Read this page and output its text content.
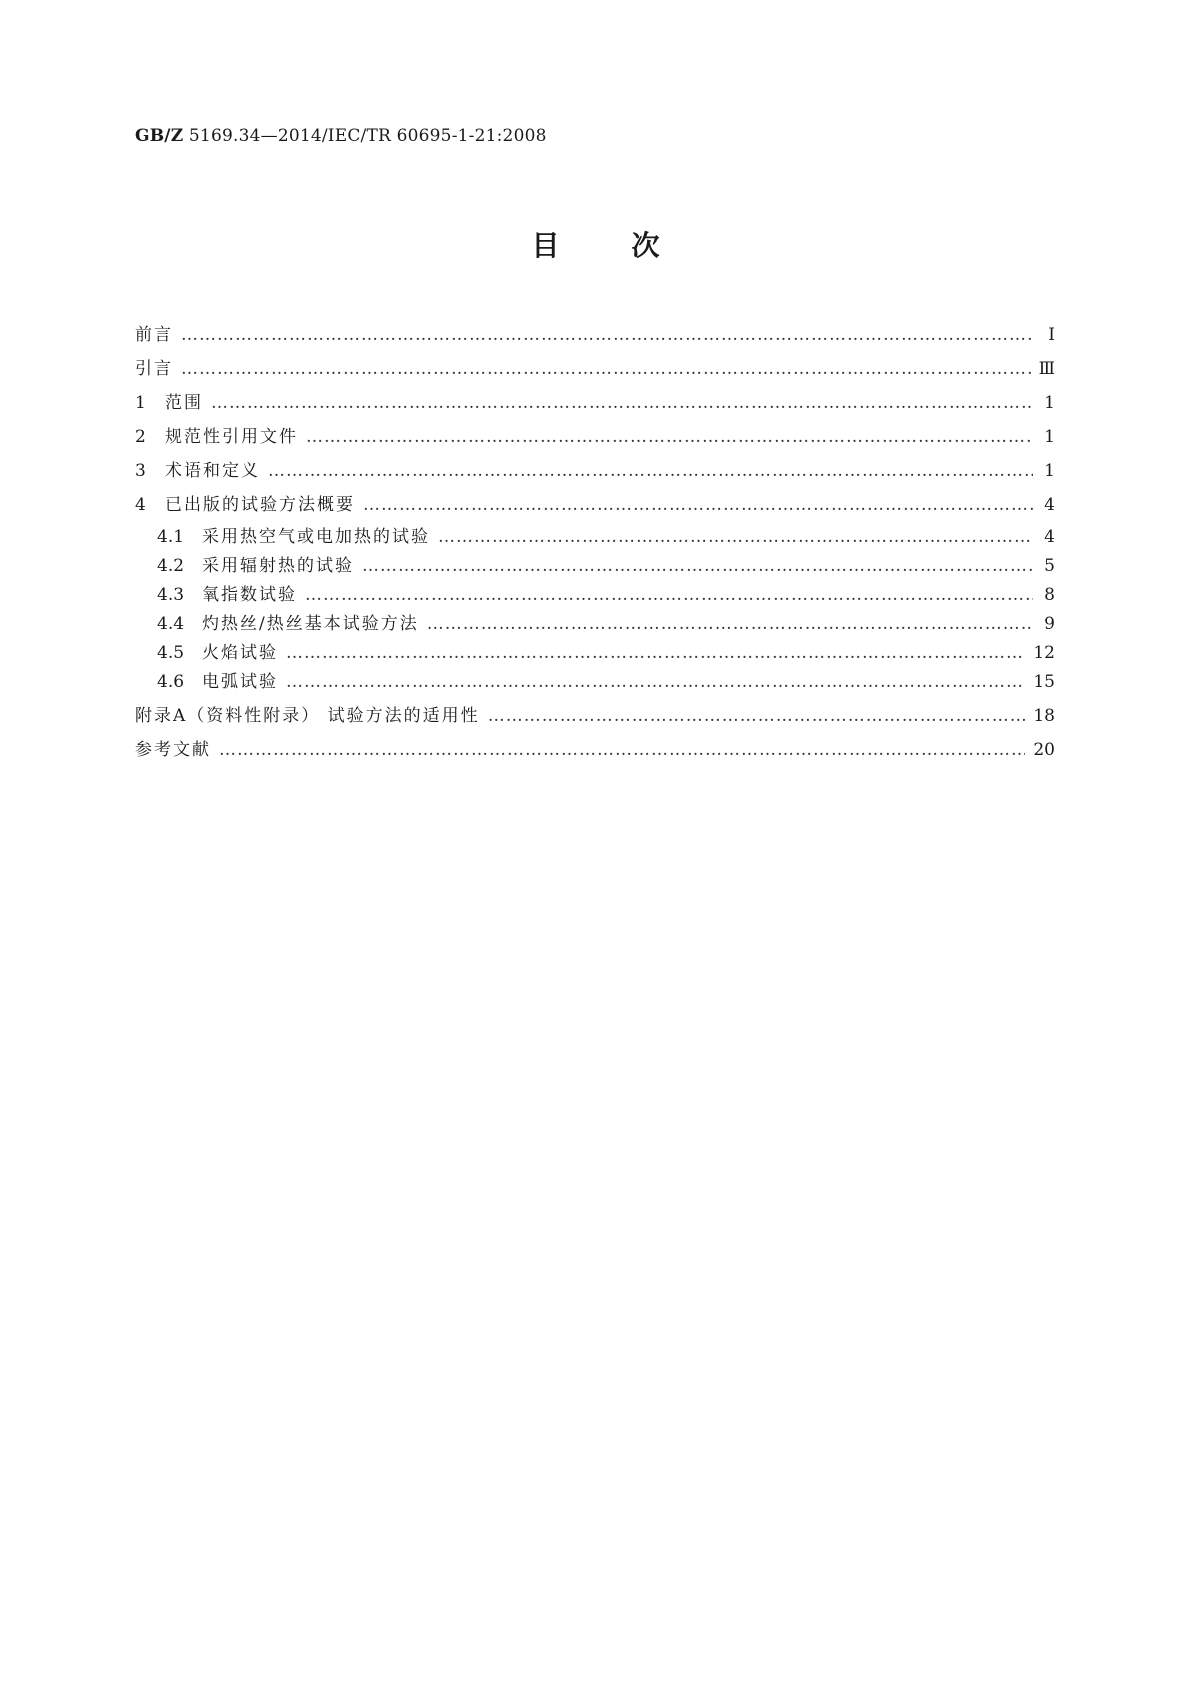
GB/Z 5169.34—2014/IEC/TR 60695-1-21:2008
目	次
前言 ……………………………………………………………………………………………………………………………………………………………………………………………………………………………………	Ⅰ
引言 ……………………………………………………………………………………………………………………………………………………………………………………………………………………………………	Ⅲ
1	范围 ……………………………………………………………………………………………………………………………………………………………………………………………………………………………………	1
2	规范性引用文件 ……………………………………………………………………………………………………………………………………………………………………………………………………………………………………	1
3	术语和定义 ……………………………………………………………………………………………………………………………………………………………………………………………………………………………………	1
4	已出版的试验方法概要 ……………………………………………………………………………………………………………………………………………………………………………………………………………………………………	4
4.1	采用热空气或电加热的试验 ……………………………………………………………………………………………………………………………………………………………………………………………………………………………………	4
4.2	采用辐射热的试验 ……………………………………………………………………………………………………………………………………………………………………………………………………………………………………	5
4.3	氧指数试验 ……………………………………………………………………………………………………………………………………………………………………………………………………………………………………	8
4.4	灼热丝/热丝基本试验方法 ……………………………………………………………………………………………………………………………………………………………………………………………………………………………………	9
4.5	火焰试验 ……………………………………………………………………………………………………………………………………………………………………………………………………………………………………	12
4.6	电弧试验 ……………………………………………………………………………………………………………………………………………………………………………………………………………………………………	15
附录A（资料性附录） 试验方法的适用性 ……………………………………………………………………………………………………………………………………………………………………………………………………………………………………	18
参考文献 ……………………………………………………………………………………………………………………………………………………………………………………………………………………………………	20
